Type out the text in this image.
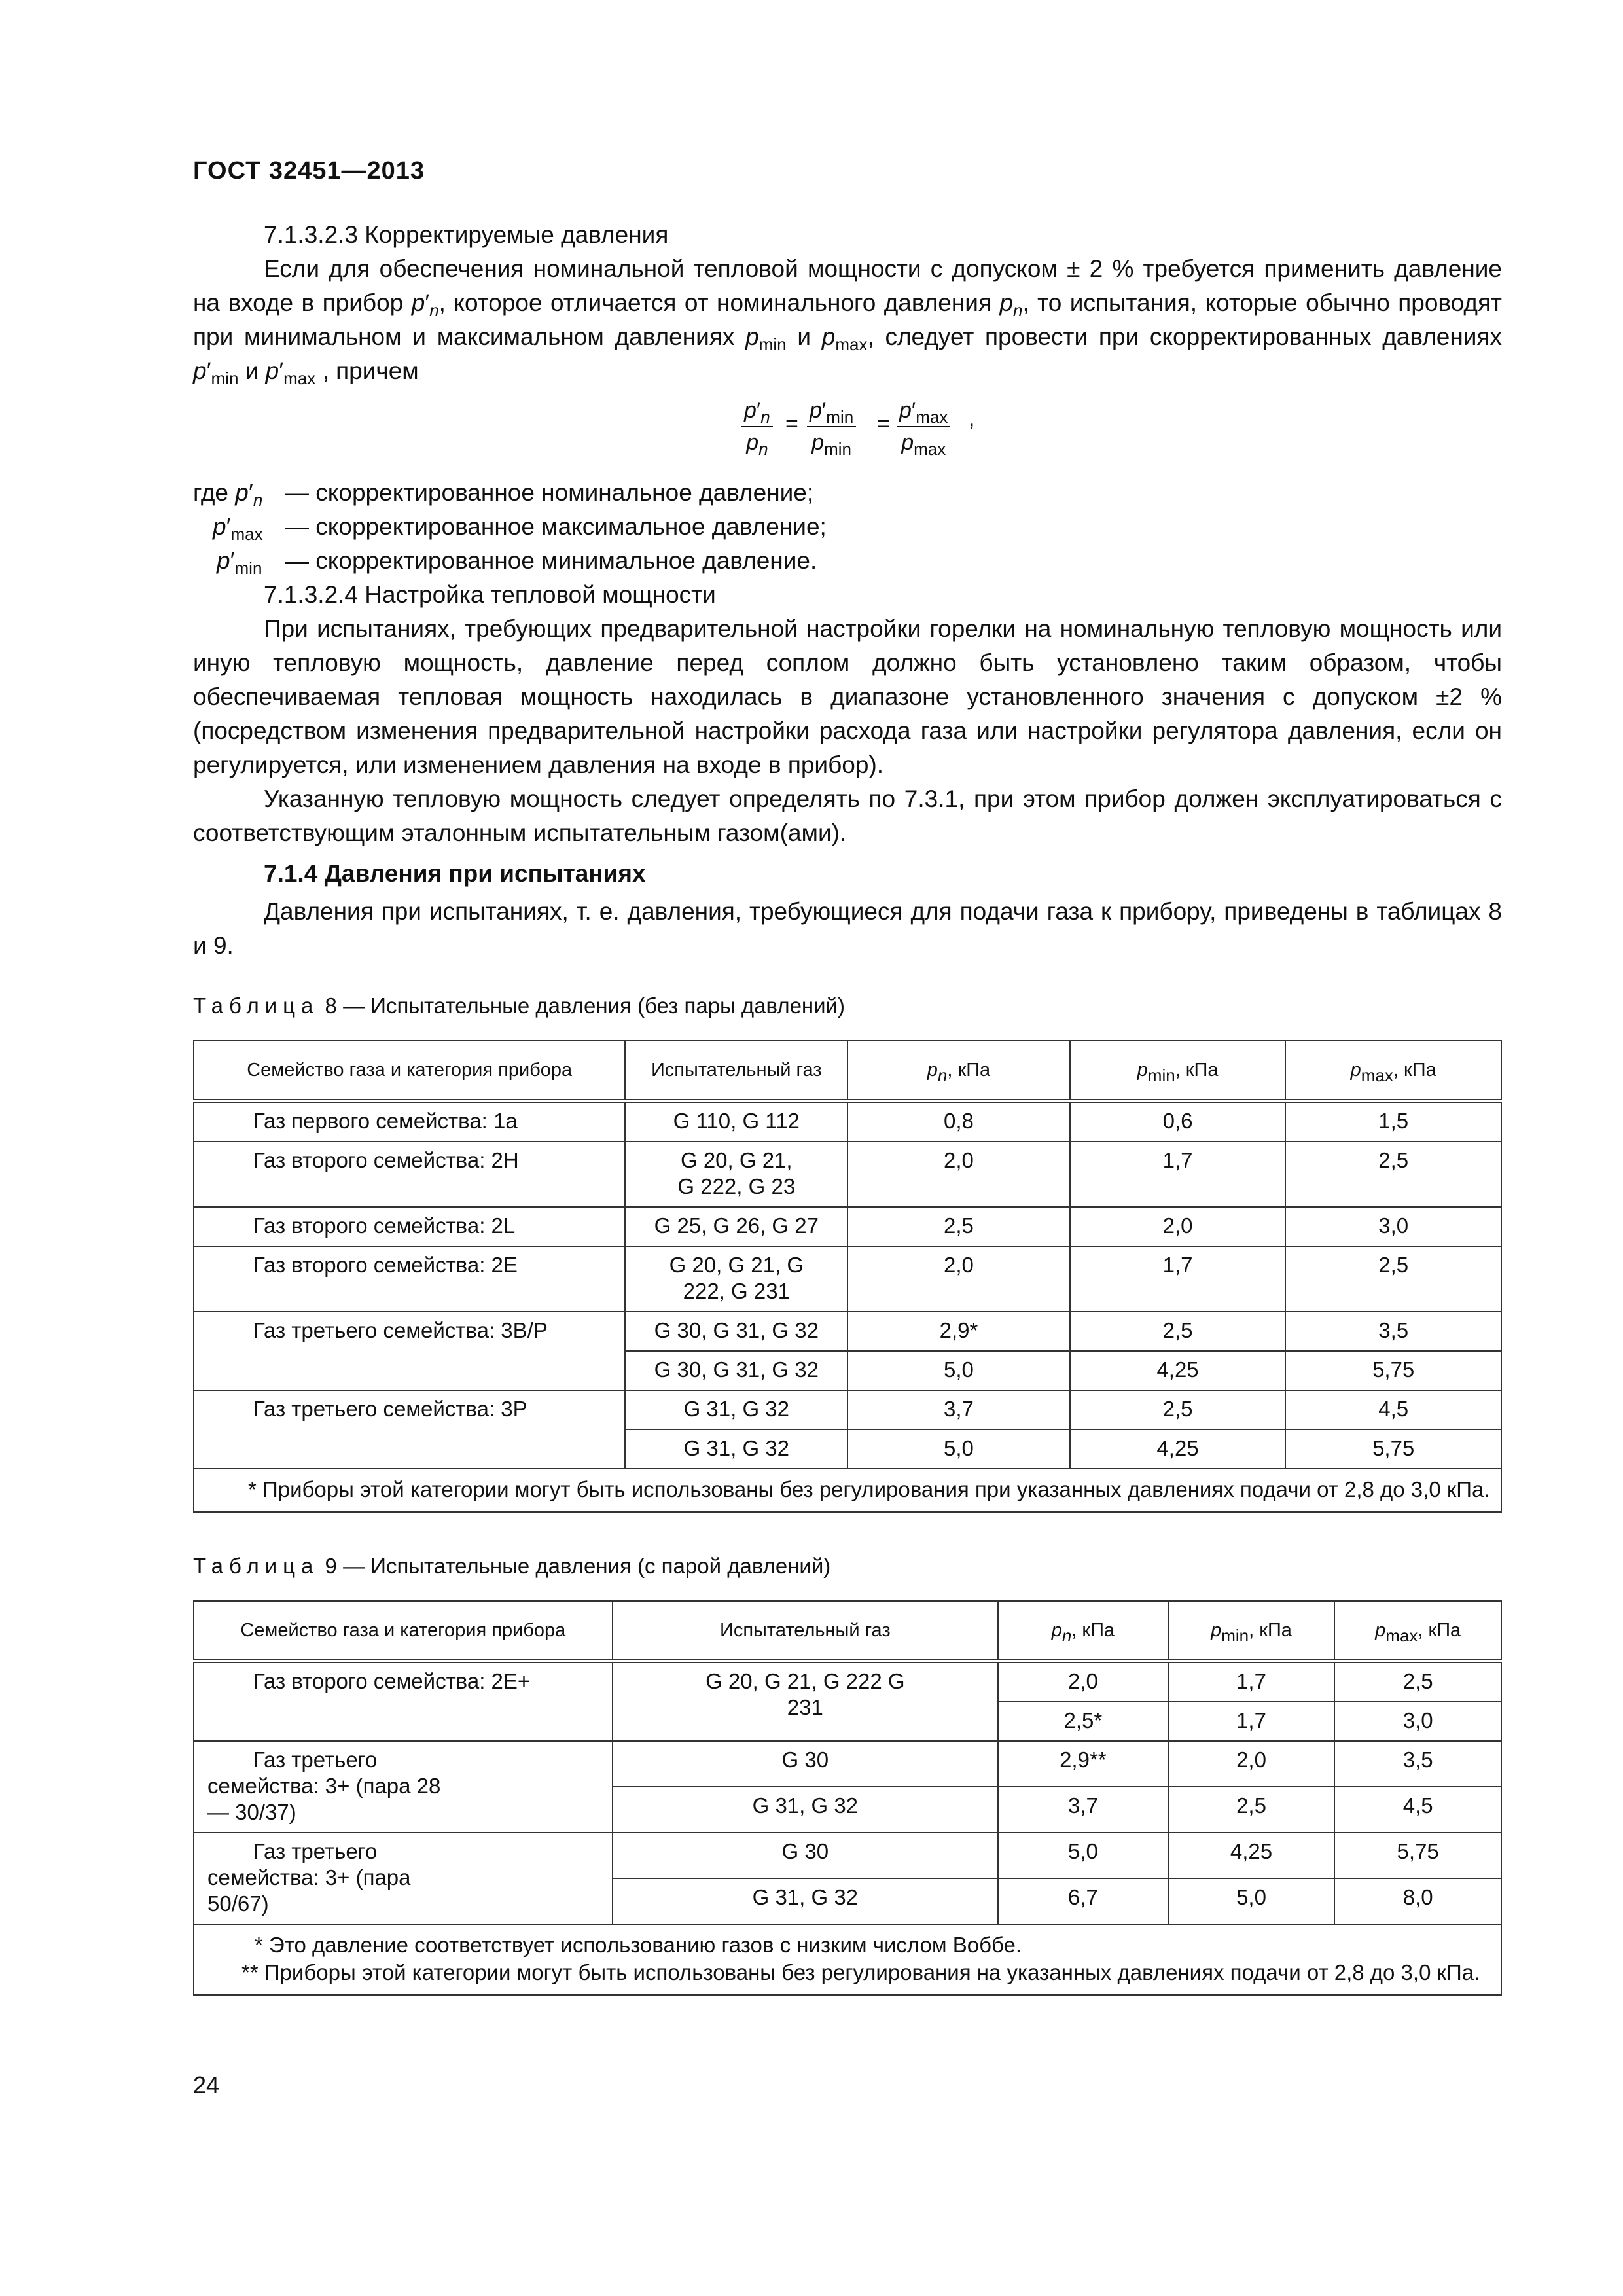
ГОСТ 32451—2013

7.1.3.2.3 Корректируемые давления

Если для обеспечения номинальной тепловой мощности с допуском ± 2 % требуется применить давление на входе в прибор $p'_n$, которое отличается от номинального давления $p_n$, то испытания, которые обычно проводят при минимальном и максимальном давлениях $p_{min}$ и $p_{max}$, следует провести при скорректированных давлениях $p'_{min}$ и $p'_{max}$ , причем

$\frac{p'_n}{p_n}$ =
$p'_{min}$
$p_{min}$
=
$p'_{max}$
$p_{max}$
,
где $p'_n$ — скорректированное номинальное давление;
$p'_{max}$ — скорректированное максимальное давление;
$p'_{min}$ — скорректированное минимальное давление.

7.1.3.2.4 Настройка тепловой мощности

При испытаниях, требующих предварительной настройки горелки на номинальную тепловую мощность или иную тепловую мощность, давление перед соплом должно быть установлено таким образом, чтобы обеспечиваемая тепловая мощность находилась в диапазоне установленного значения с допуском ±2 % (посредством изменения предварительной настройки расхода газа или настройки регулятора давления, если он регулируется, или изменением давления на входе в прибор).

Указанную тепловую мощность следует определять по 7.3.1, при этом прибор должен эксплуатироваться с соответствующим эталонным испытательным газом(ами).

7.1.4 Давления при испытаниях

Давления при испытаниях, т. е. давления, требующиеся для подачи газа к прибору, приведены в таблицах 8 и 9.

Таблица 8 — Испытательные давления (без пары давлений)
Семейство газа и категория прибора	Испытательный газ	$p_n$, кПа	$p_{min}$, кПа	$p_{max}$, кПа
Газ первого семейства: 1a	G 110, G 112	0,8	0,6	1,5
Газ второго семейства: 2H	G 20, G 21, G 222, G 23	2,0	1,7	2,5
Газ второго семейства: 2L	G 25, G 26, G 27	2,5	2,0	3,0
Газ второго семейства: 2E	G 20, G 21, G 222, G 231	2,0	1,7	2,5
Газ третьего семейства: 3В/Р	G 30, G 31, G 32	2,9*	2,5	3,5
	G 30, G 31, G 32	5,0	4,25	5,75
Газ третьего семейства: 3Р	G 31, G 32	3,7	2,5	4,5
	G 31, G 32	5,0	4,25	5,75
* Приборы этой категории могут быть использованы без регулирования при указанных давлениях подачи от 2,8 до 3,0 кПа.				
Таблица 9 — Испытательные давления (с парой давлений)
Семейство газа и категория прибора	Испытательный газ	$p_n$, кПа	$p_{min}$, кПа	$p_{max}$, кПа
Газ второго семейства: 2Е+	G 20, G 21, G 222 G 231	2,0	1,7	2,5
		2,5*	1,7	3,0
Газ третьего семейства: 3+ (пара 28 — 30/37)	G 30	2,9**	2,0	3,5
	G 31, G 32	3,7	2,5	4,5
Газ третьего семейства: 3+ (пара 50/67)	G 30	5,0	4,25	5,75
	G 31, G 32	6,7	5,0	8,0

* Это давление соответствует использованию газов с низким числом Воббе.
** Приборы этой категории могут быть использованы без регулирования на указанных давлениях подачи от 2,8 до 3,0 кПа.				
24
